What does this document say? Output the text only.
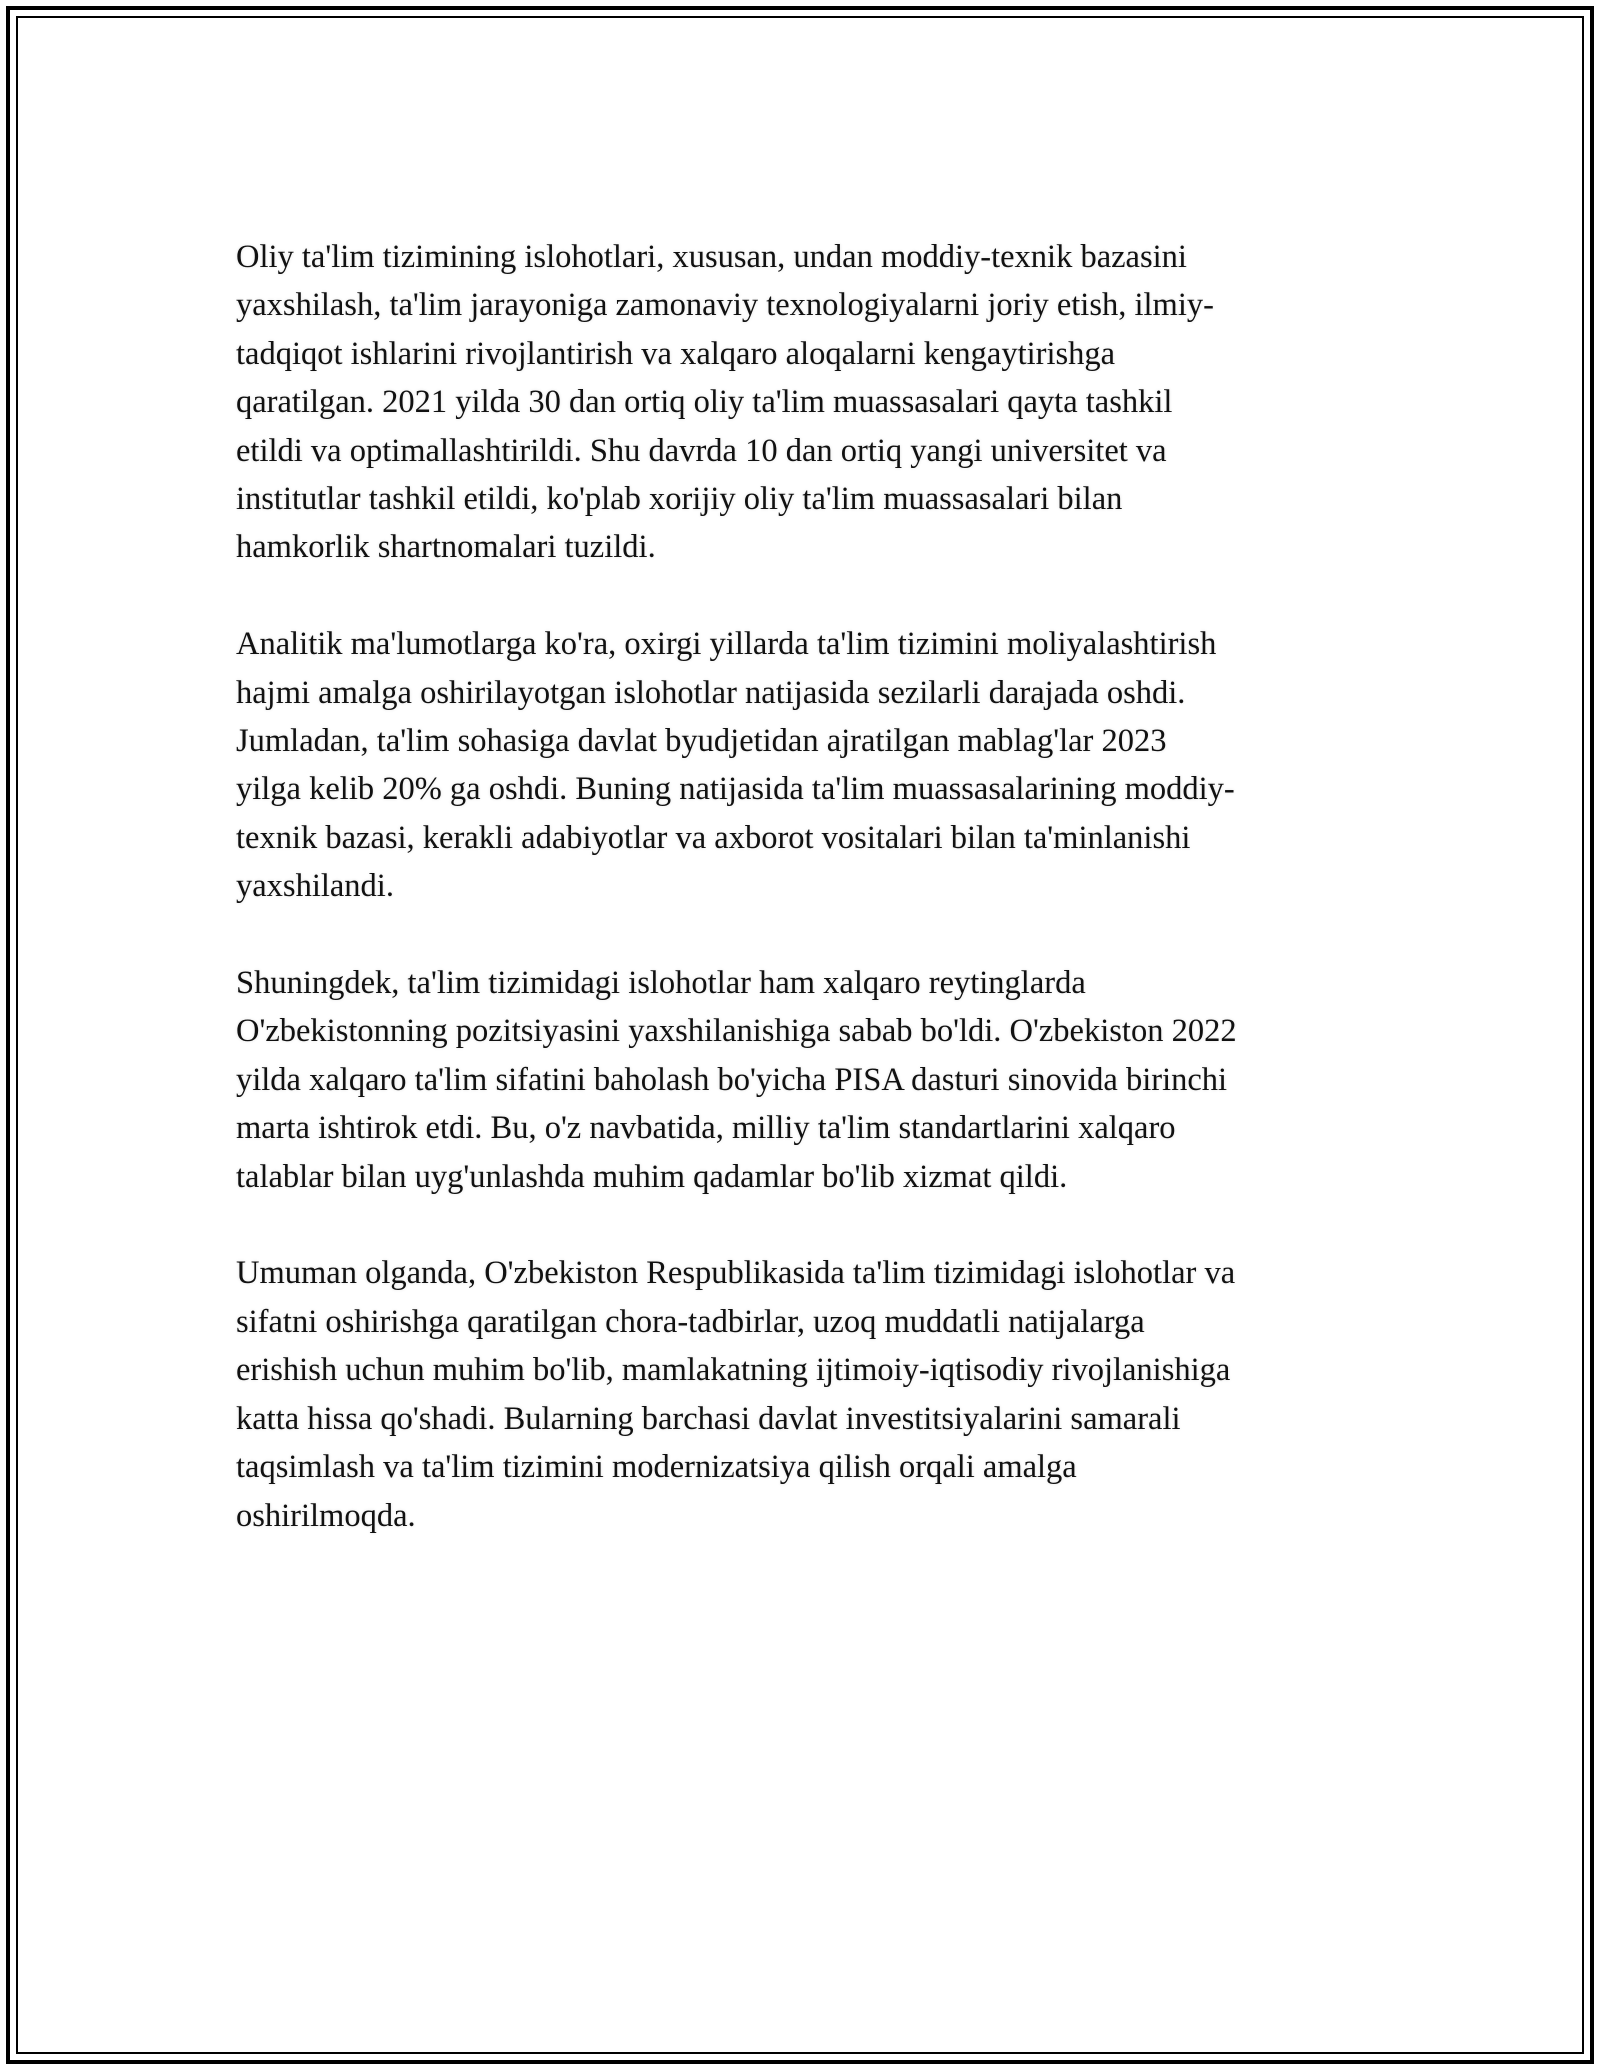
Oliy ta'lim tizimining islohotlari, xususan, undan moddiy-texnik bazasini
yaxshilash, ta'lim jarayoniga zamonaviy texnologiyalarni joriy etish, ilmiy-
tadqiqot ishlarini rivojlantirish va xalqaro aloqalarni kengaytirishga
qaratilgan. 2021 yilda 30 dan ortiq oliy ta'lim muassasalari qayta tashkil
etildi va optimallashtirildi. Shu davrda 10 dan ortiq yangi universitet va
institutlar tashkil etildi, ko'plab xorijiy oliy ta'lim muassasalari bilan
hamkorlik shartnomalari tuzildi.

Analitik ma'lumotlarga ko'ra, oxirgi yillarda ta'lim tizimini moliyalashtirish
hajmi amalga oshirilayotgan islohotlar natijasida sezilarli darajada oshdi.
Jumladan, ta'lim sohasiga davlat byudjetidan ajratilgan mablag'lar 2023
yilga kelib 20% ga oshdi. Buning natijasida ta'lim muassasalarining moddiy-
texnik bazasi, kerakli adabiyotlar va axborot vositalari bilan ta'minlanishi
yaxshilandi.

Shuningdek, ta'lim tizimidagi islohotlar ham xalqaro reytinglarda
O'zbekistonning pozitsiyasini yaxshilanishiga sabab bo'ldi. O'zbekiston 2022
yilda xalqaro ta'lim sifatini baholash bo'yicha PISA dasturi sinovida birinchi
marta ishtirok etdi. Bu, o'z navbatida, milliy ta'lim standartlarini xalqaro
talablar bilan uyg'unlashda muhim qadamlar bo'lib xizmat qildi.

Umuman olganda, O'zbekiston Respublikasida ta'lim tizimidagi islohotlar va
sifatni oshirishga qaratilgan chora-tadbirlar, uzoq muddatli natijalarga
erishish uchun muhim bo'lib, mamlakatning ijtimoiy-iqtisodiy rivojlanishiga
katta hissa qo'shadi. Bularning barchasi davlat investitsiyalarini samarali
taqsimlash va ta'lim tizimini modernizatsiya qilish orqali amalga
oshirilmoqda.
